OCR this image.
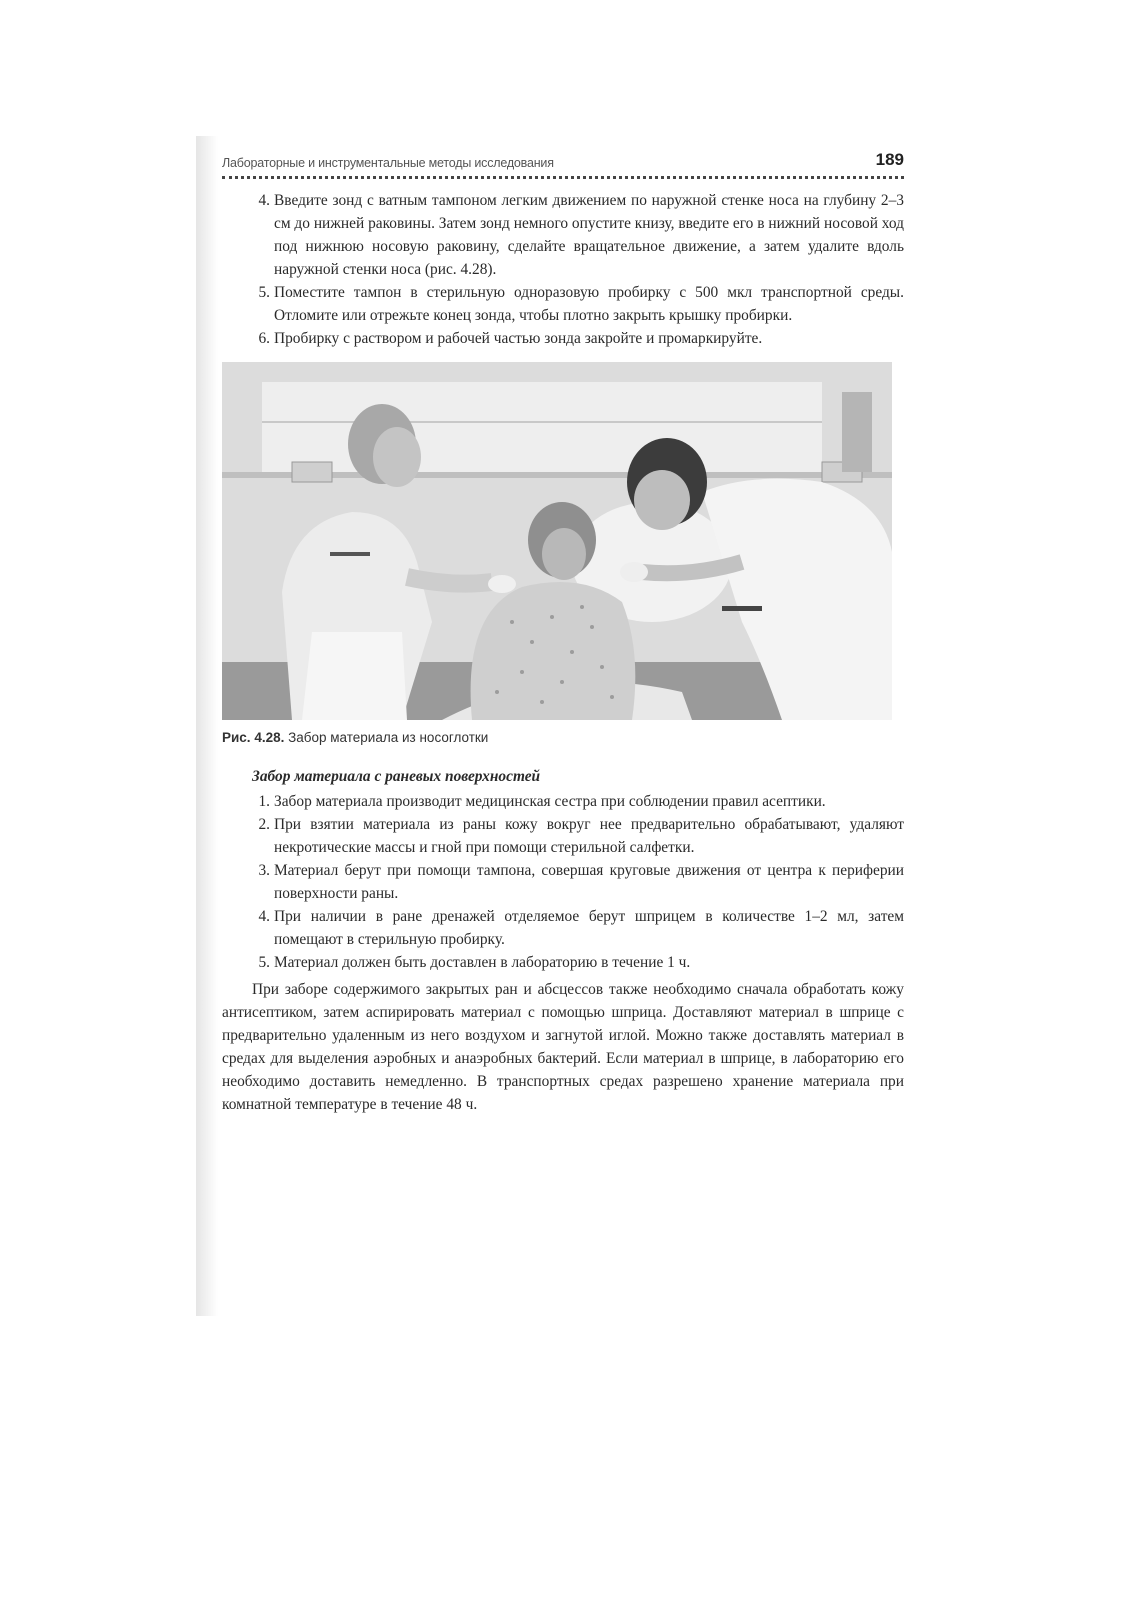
Лабораторные и инструментальные методы исследования	189
4. Введите зонд с ватным тампоном легким движением по наружной стенке носа на глубину 2–3 см до нижней раковины. Затем зонд немного опустите книзу, введите его в нижний носовой ход под нижнюю носовую раковину, сделайте вращательное движение, а затем удалите вдоль наружной стенки носа (рис. 4.28).
5. Поместите тампон в стерильную одноразовую пробирку с 500 мкл транспортной среды. Отломите или отрежьте конец зонда, чтобы плотно закрыть крышку пробирки.
6. Пробирку с раствором и рабочей частью зонда закройте и промаркируйте.
Рис. 4.28. Забор материала из носоглотки
Забор материала с раневых поверхностей
1. Забор материала производит медицинская сестра при соблюдении правил асептики.
2. При взятии материала из раны кожу вокруг нее предварительно обрабатывают, удаляют некротические массы и гной при помощи стерильной салфетки.
3. Материал берут при помощи тампона, совершая круговые движения от центра к периферии поверхности раны.
4. При наличии в ране дренажей отделяемое берут шприцем в количестве 1–2 мл, затем помещают в стерильную пробирку.
5. Материал должен быть доставлен в лабораторию в течение 1 ч.

При заборе содержимого закрытых ран и абсцессов также необходимо сначала обработать кожу антисептиком, затем аспирировать материал с помощью шприца. Доставляют материал в шприце с предварительно удаленным из него воздухом и загнутой иглой. Можно также доставлять материал в средах для выделения аэробных и анаэробных бактерий. Если материал в шприце, в лабораторию его необходимо доставить немедленно. В транспортных средах разрешено хранение материала при комнатной температуре в течение 48 ч.
